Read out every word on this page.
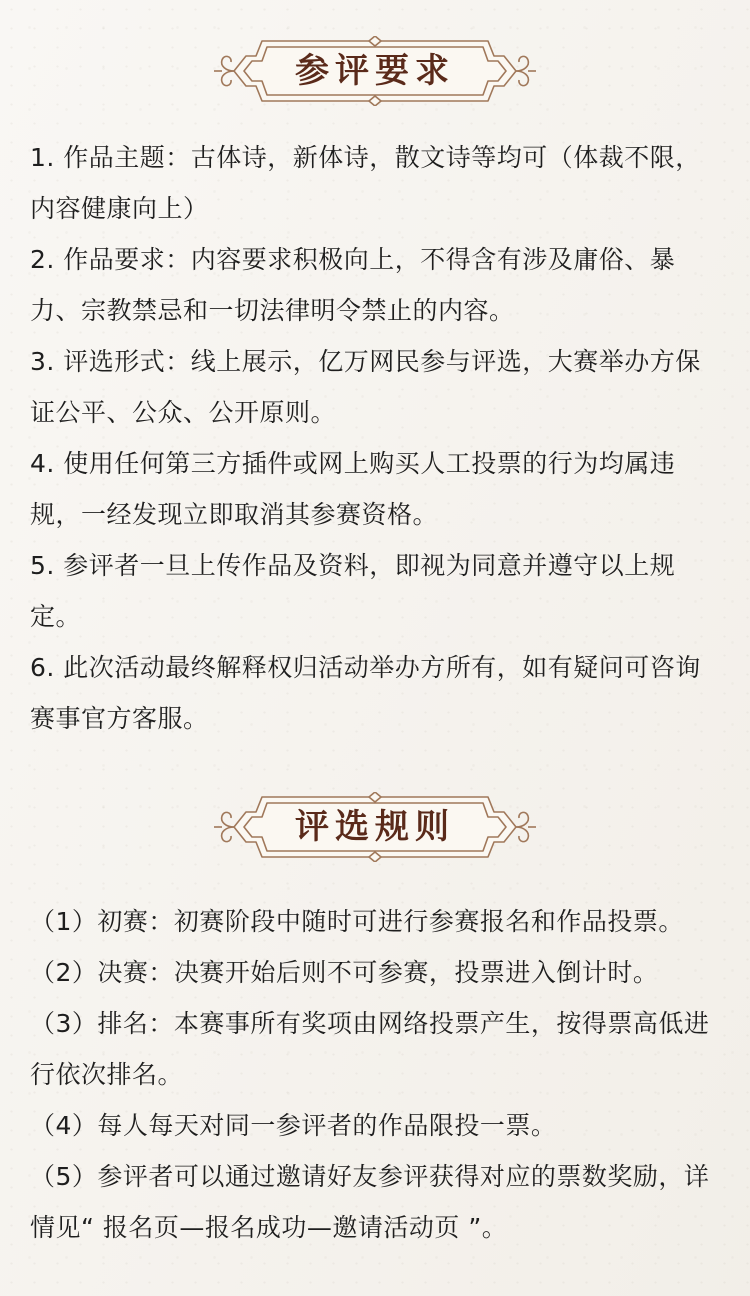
参评要求

1. 作品主题：古体诗，新体诗，散文诗等均可（体裁不限，内容健康向上）

2. 作品要求：内容要求积极向上，不得含有涉及庸俗、暴力、宗教禁忌和一切法律明令禁止的内容。

3. 评选形式：线上展示，亿万网民参与评选，大赛举办方保证公平、公众、公开原则。

4. 使用任何第三方插件或网上购买人工投票的行为均属违规，一经发现立即取消其参赛资格。

5. 参评者一旦上传作品及资料，即视为同意并遵守以上规定。

6. 此次活动最终解释权归活动举办方所有，如有疑问可咨询赛事官方客服。

评选规则

（1）初赛：初赛阶段中随时可进行参赛报名和作品投票。

（2）决赛：决赛开始后则不可参赛，投票进入倒计时。

（3）排名：本赛事所有奖项由网络投票产生，按得票高低进行依次排名。

（4）每人每天对同一参评者的作品限投一票。

（5）参评者可以通过邀请好友参评获得对应的票数奖励，详情见“ 报名页—报名成功—邀请活动页 ”。
